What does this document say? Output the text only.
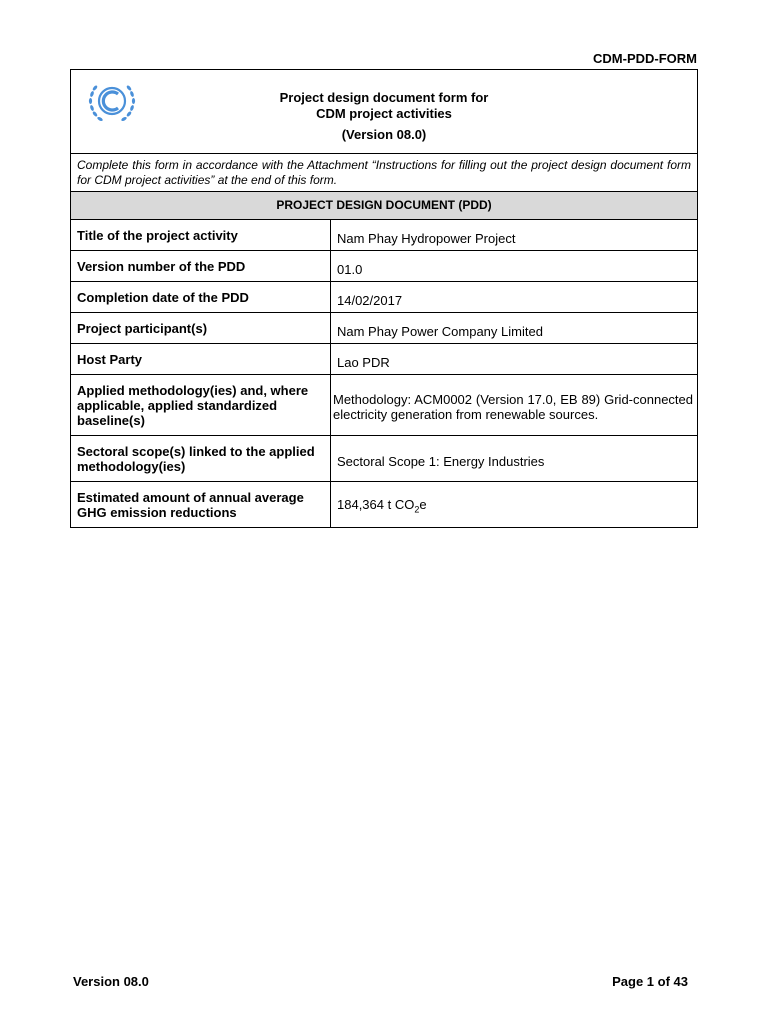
CDM-PDD-FORM
Project design document form for
CDM project activities
(Version 08.0)
Complete this form in accordance with the Attachment “Instructions for filling out the project design document form for CDM project activities” at the end of this form.
PROJECT DESIGN DOCUMENT (PDD)	
Title of the project activity	Nam Phay Hydropower Project
Version number of the PDD	01.0
Completion date of the PDD	14/02/2017
Project participant(s)	Nam Phay Power Company Limited
Host Party	Lao PDR
Applied methodology(ies) and, where applicable, applied standardized baseline(s)	Methodology: ACM0002 (Version 17.0, EB 89) Grid-connected electricity generation from renewable sources.
Sectoral scope(s) linked to the applied methodology(ies)	Sectoral Scope 1: Energy Industries
Estimated amount of annual average GHG emission reductions	184,364 t $CO_2e$
Version 08.0	Page 1 of 43
